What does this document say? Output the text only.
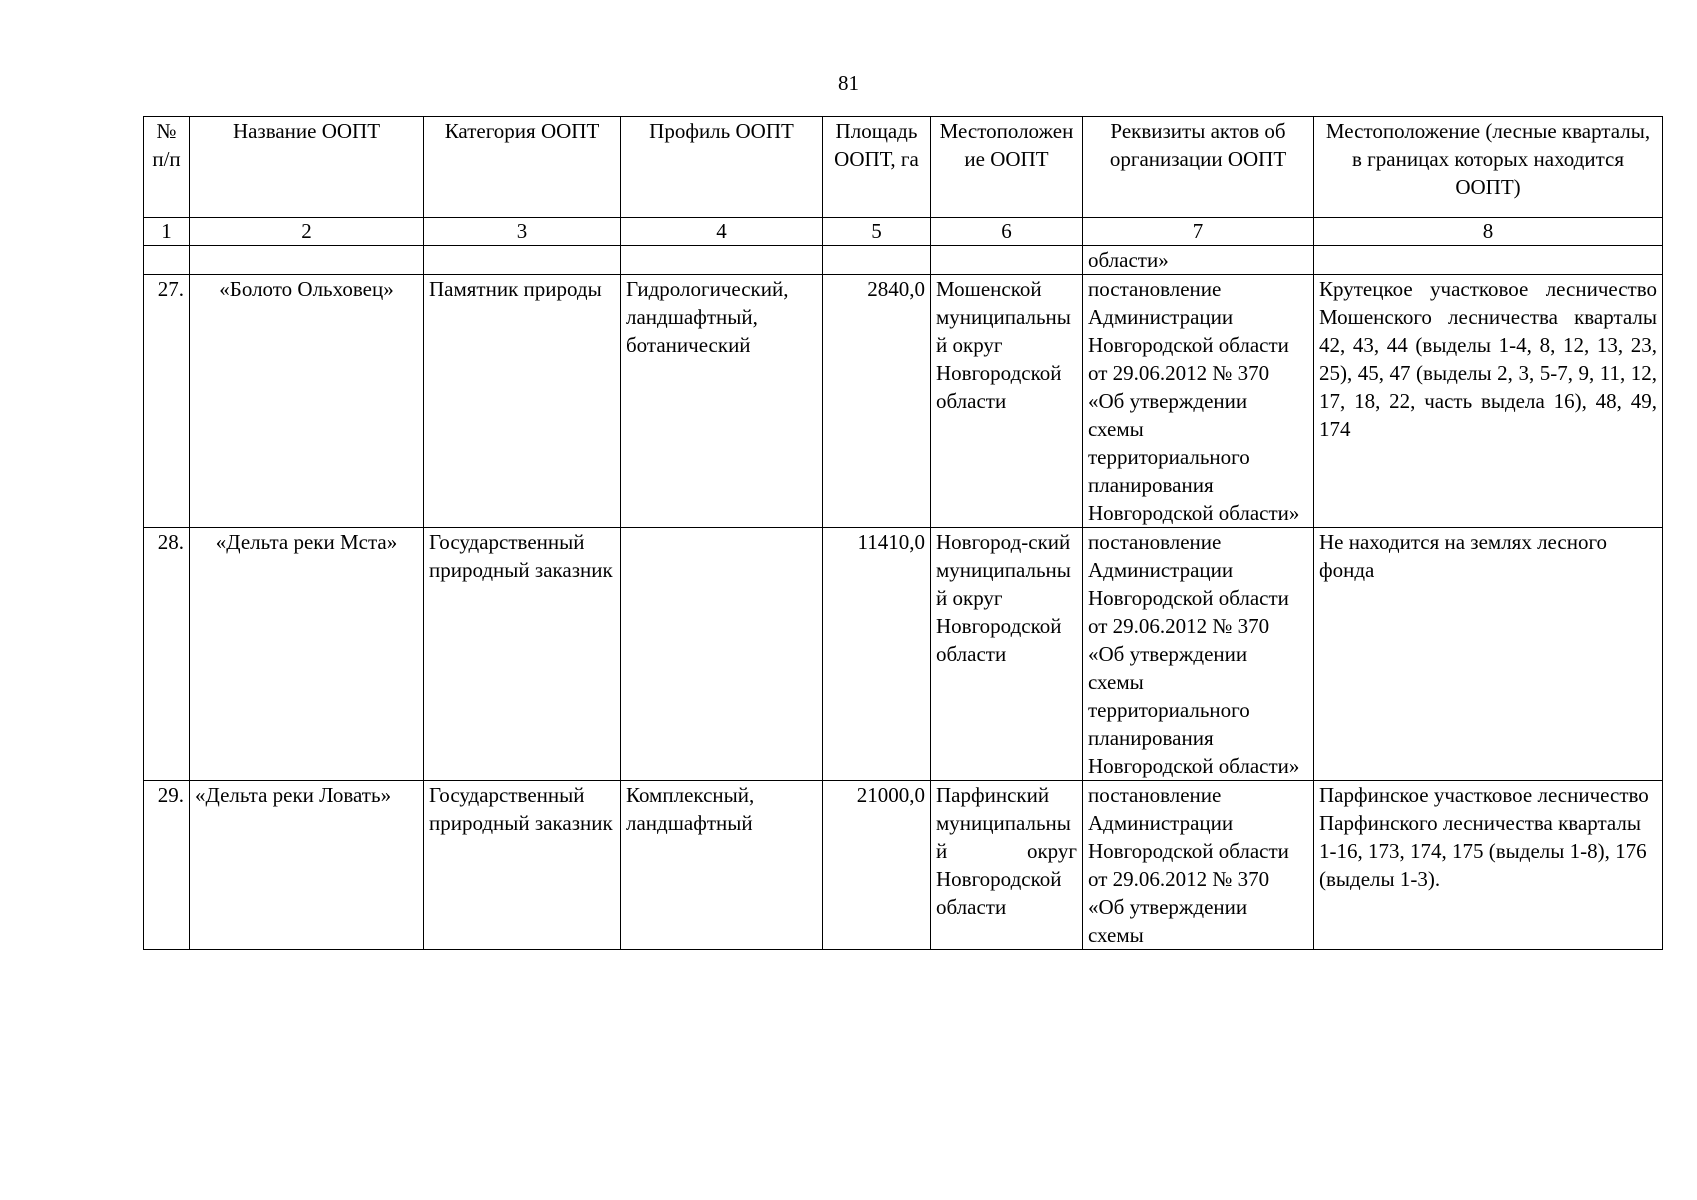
81
№ п/п	Название ООПТ	Категория ООПТ	Профиль ООПТ	Площадь ООПТ, га	Местоположение ООПТ	Реквизиты актов об организации ООПТ	Местоположение (лесные кварталы, в границах которых находится ООПТ)
1	2	3	4	5	6	7	8
						области»	
27.	«Болото Ольховец»	Памятник природы	Гидрологический, ландшафтный, ботанический	2840,0	Мошенской муниципальный округ Новгородской области	постановление Администрации Новгородской области от 29.06.2012 № 370 «Об утверждении схемы территориального планирования Новгородской области»	Крутецкое участковое лесничество Мошенского лесничества кварталы 42, 43, 44 (выделы 1-4, 8, 12, 13, 23, 25), 45, 47 (выделы 2, 3, 5-7, 9, 11, 12, 17, 18, 22, часть выдела 16), 48, 49, 174
28.	«Дельта реки Мста»	Государственный природный заказник		11410,0	Новгород-ский муниципальный округ Новгородской области	постановление Администрации Новгородской области от 29.06.2012 № 370 «Об утверждении схемы территориального планирования Новгородской области»	Не находится на землях лесного фонда
29.	«Дельта реки Ловать»	Государственный природный заказник	Комплексный, ландшафтный	21000,0	Парфинский муниципальный округ Новгородской области	постановление Администрации Новгородской области от 29.06.2012 № 370 «Об утверждении схемы	Парфинское участковое лесничество Парфинского лесничества кварталы 1-16, 173, 174, 175 (выделы 1-8), 176 (выделы 1-3).
